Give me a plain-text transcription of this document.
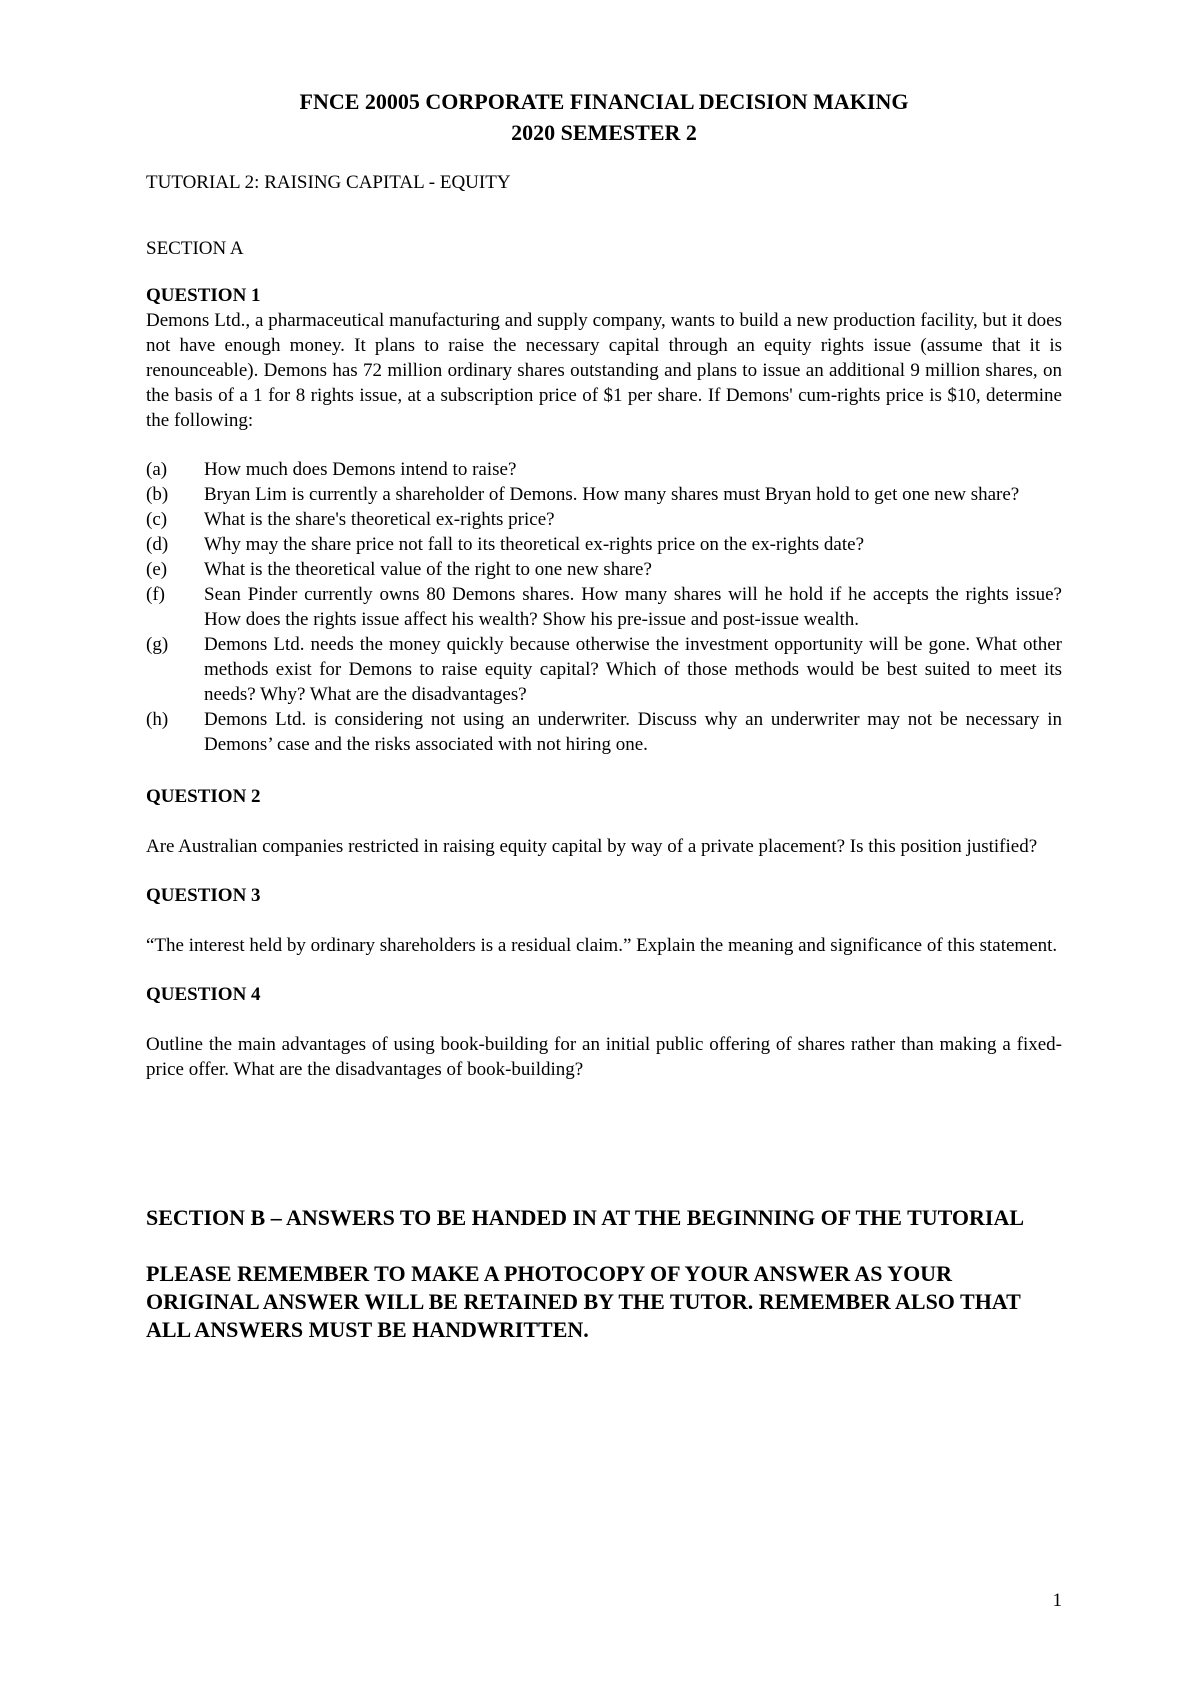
FNCE 20005 CORPORATE FINANCIAL DECISION MAKING

2020 SEMESTER 2

TUTORIAL 2: RAISING CAPITAL - EQUITY

SECTION A

QUESTION 1

Demons Ltd., a pharmaceutical manufacturing and supply company, wants to build a new production facility, but it does not have enough money. It plans to raise the necessary capital through an equity rights issue (assume that it is renounceable). Demons has 72 million ordinary shares outstanding and plans to issue an additional 9 million shares, on the basis of a 1 for 8 rights issue, at a subscription price of $1 per share. If Demons' cum-rights price is $10, determine the following:

(a)	How much does Demons intend to raise?
(b)	Bryan Lim is currently a shareholder of Demons. How many shares must Bryan hold to get one new share?
(c)	What is the share's theoretical ex-rights price?
(d)	Why may the share price not fall to its theoretical ex-rights price on the ex-rights date?
(e)	What is the theoretical value of the right to one new share?
(f)	Sean Pinder currently owns 80 Demons shares. How many shares will he hold if he accepts the rights issue? How does the rights issue affect his wealth? Show his pre-issue and post-issue wealth.
(g)	Demons Ltd. needs the money quickly because otherwise the investment opportunity will be gone. What other methods exist for Demons to raise equity capital? Which of those methods would be best suited to meet its needs? Why? What are the disadvantages?
(h)	Demons Ltd. is considering not using an underwriter. Discuss why an underwriter may not be necessary in Demons’ case and the risks associated with not hiring one.

QUESTION 2

Are Australian companies restricted in raising equity capital by way of a private placement? Is this position justified?

QUESTION 3

“The interest held by ordinary shareholders is a residual claim.” Explain the meaning and significance of this statement.

QUESTION 4

Outline the main advantages of using book-building for an initial public offering of shares rather than making a fixed-price offer. What are the disadvantages of book-building?

SECTION B – ANSWERS TO BE HANDED IN AT THE BEGINNING OF THE TUTORIAL

PLEASE REMEMBER TO MAKE A PHOTOCOPY OF YOUR ANSWER AS YOUR ORIGINAL ANSWER WILL BE RETAINED BY THE TUTOR. REMEMBER ALSO THAT ALL ANSWERS MUST BE HANDWRITTEN.

1
